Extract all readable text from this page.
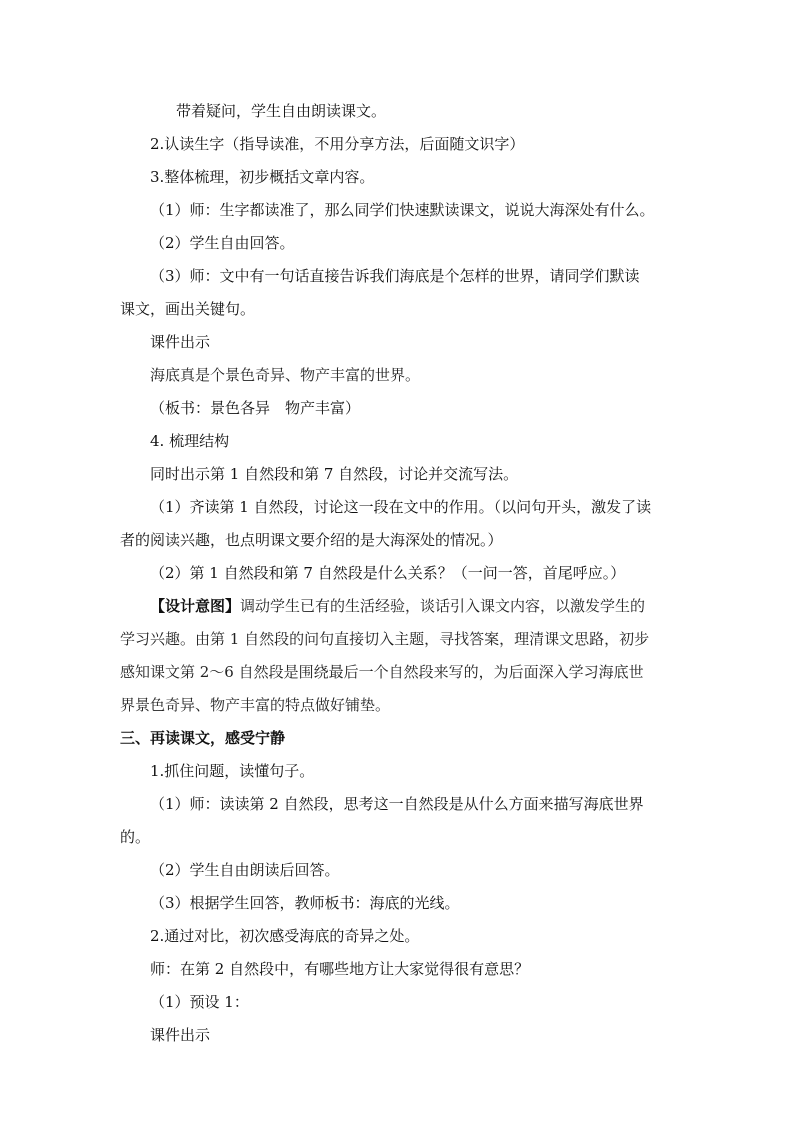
带着疑问，学生自由朗读课文。
2.认读生字（指导读准，不用分享方法，后面随文识字）
3.整体梳理，初步概括文章内容。
（1）师：生字都读准了，那么同学们快速默读课文，说说大海深处有什么。
（2）学生自由回答。
（3）师：文中有一句话直接告诉我们海底是个怎样的世界，请同学们默读
课文，画出关键句。
课件出示
海底真是个景色奇异、物产丰富的世界。
（板书：景色各异　物产丰富）
4. 梳理结构
同时出示第 1 自然段和第 7 自然段，讨论并交流写法。
（1）齐读第 1 自然段，讨论这一段在文中的作用。（以问句开头，激发了读
者的阅读兴趣，也点明课文要介绍的是大海深处的情况。）
（2）第 1 自然段和第 7 自然段是什么关系？（一问一答，首尾呼应。）
【设计意图】调动学生已有的生活经验，谈话引入课文内容，以激发学生的
学习兴趣。由第 1 自然段的问句直接切入主题，寻找答案，理清课文思路，初步
感知课文第 2～6 自然段是围绕最后一个自然段来写的，为后面深入学习海底世
界景色奇异、物产丰富的特点做好铺垫。
三、再读课文，感受宁静
1.抓住问题，读懂句子。
（1）师：读读第 2 自然段，思考这一自然段是从什么方面来描写海底世界
的。
（2）学生自由朗读后回答。
（3）根据学生回答，教师板书：海底的光线。
2.通过对比，初次感受海底的奇异之处。
师：在第 2 自然段中，有哪些地方让大家觉得很有意思？
（1）预设 1：
课件出示
